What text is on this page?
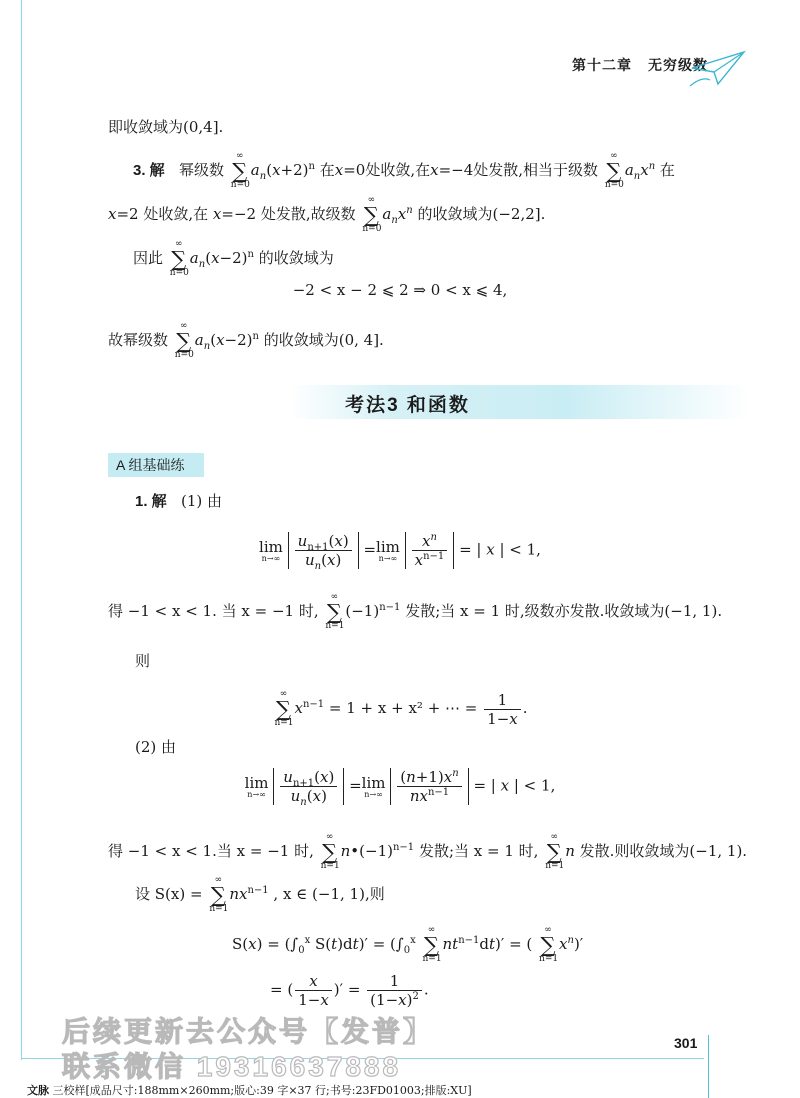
第十二章 无穷级数
即收敛域为(0,4].
3. 解 幂级数
∞
∑
n=0
$a_n(x+2)^n$ 在x=0处收敛,在x=−4处发散,相当于级数
∞
∑
n=0
$a_nx^n$ 在
x=2 处收敛,在 x=−2 处发散,故级数
∞
∑
n=0
$a_nx^n$ 的收敛域为(−2,2].
因此
∞
∑
n=0
$a_n(x-2)^n$ 的收敛域为
−2 < x − 2 ⩽ 2 ⇒ 0 < x ⩽ 4,
故幂级数
∞
∑
n=0
$a_n(x-2)^n$ 的收敛域为(0, 4].
考法3 和函数
A 组基础练
1. 解 (1) 由
lim
n→∞
$\frac{u_{n+1}(x)}{u_n(x)} = \lim$
n→∞
$\frac{x^n}{x^{n-1}}$ = | x | < 1,
得 −1 < x < 1. 当 x = −1 时,
∞
∑
n=1
$(-1)^{n-1}$ 发散;当 x = 1 时,级数亦发散.收敛域为(−1, 1).
则
∞
∑
n=1
$x^{n-1} = 1 + x + x^2$ + ⋯ = $\frac{1}{1-x}$ .
(2) 由
lim
n→∞
$\frac{u_{n+1}(x)}{u_n(x)} = \lim$
n→∞
$\frac{(n+1)x^n}{nx^{n-1}}$ = | x | < 1,
得 −1 < x < 1.当 x = −1 时,
∞
∑
n=1
$n•(-1)^{n-1}$ 发散;当 x = 1 时,
∞
∑
n=1
n 发散.则收敛域为(−1, 1).
设 S(x) =
∞
∑
n=1
$nx^{n-1}$ , x ∈ (−1, 1),则
$S(x) = (\int_0^x$ $S(t)dt)' = (\int_0^x$
∞
∑
n=1
$nt^{n-1}dt)'$ = (
∞
∑
n=1
$x^n)'$
= ( $\frac{x}{1-x}$ )′ = $\frac{1}{(1-x)^2}$ .
后续更新去公众号【发普】
联系微信 19316637888
301
文脉 三校样[成品尺寸:188mm×260mm;版心:39 字×37 行;书号:23FD01003;排版:XU]
